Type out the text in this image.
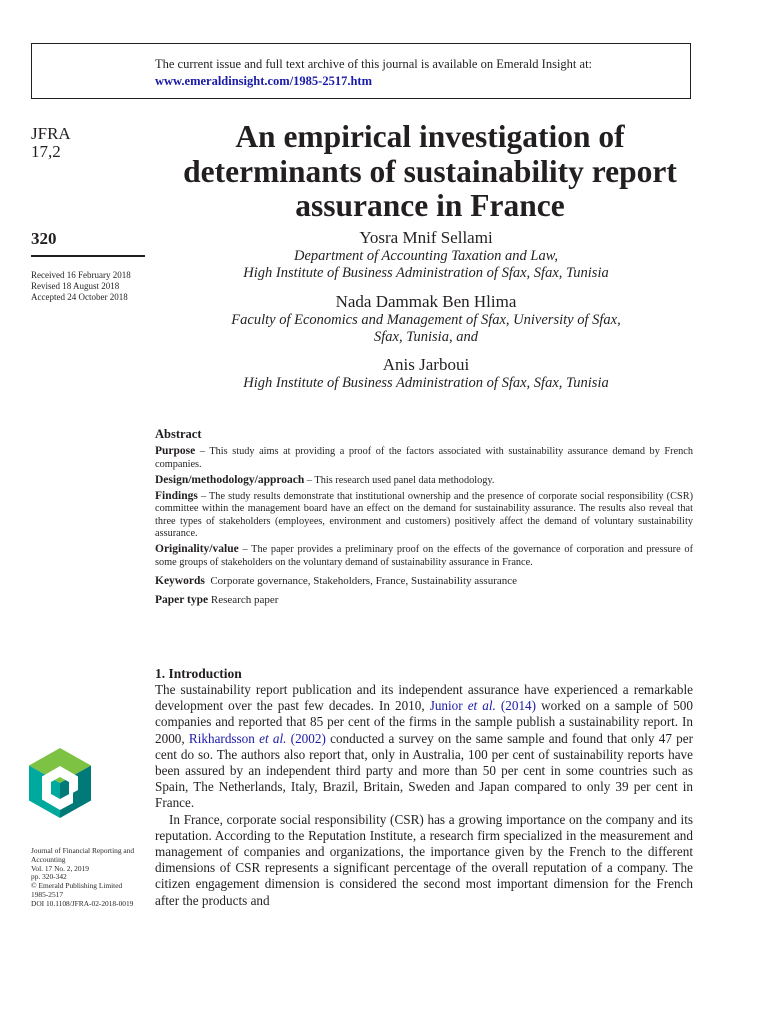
The current issue and full text archive of this journal is available on Emerald Insight at:
www.emeraldinsight.com/1985-2517.htm
JFRA
17,2
320
Received 16 February 2018
Revised 18 August 2018
Accepted 24 October 2018
An empirical investigation of determinants of sustainability report assurance in France
Yosra Mnif Sellami
Department of Accounting Taxation and Law,
High Institute of Business Administration of Sfax, Sfax, Tunisia
Nada Dammak Ben Hlima
Faculty of Economics and Management of Sfax, University of Sfax,
Sfax, Tunisia, and
Anis Jarboui
High Institute of Business Administration of Sfax, Sfax, Tunisia
Abstract

Purpose – This study aims at providing a proof of the factors associated with sustainability assurance demand by French companies.

Design/methodology/approach – This research used panel data methodology.

Findings – The study results demonstrate that institutional ownership and the presence of corporate social responsibility (CSR) committee within the management board have an effect on the demand for sustainability assurance. The results also reveal that three types of stakeholders (employees, environment and customers) positively affect the demand of voluntary sustainability assurance.

Originality/value – The paper provides a preliminary proof on the effects of the governance of corporation and pressure of some groups of stakeholders on the voluntary demand of sustainability assurance in France.

Keywords Corporate governance, Stakeholders, France, Sustainability assurance
Paper type Research paper
1. Introduction

The sustainability report publication and its independent assurance have experienced a remarkable development over the past few decades. In 2010, Junior et al. (2014) worked on a sample of 500 companies and reported that 85 per cent of the firms in the sample publish a sustainability report. In 2000, Rikhardsson et al. (2002) conducted a survey on the same sample and found that only 47 per cent do so. The authors also report that, only in Australia, 100 per cent of sustainability reports have been assured by an independent third party and more than 50 per cent in some countries such as Spain, The Netherlands, Italy, Brazil, Britain, Sweden and Japan compared to only 39 per cent in France.

In France, corporate social responsibility (CSR) has a growing importance on the company and its reputation. According to the Reputation Institute, a research firm specialized in the measurement and management of companies and organizations, the importance given by the French to the different dimensions of CSR represents a significant percentage of the overall reputation of a company. The citizen engagement dimension is considered the second most important dimension for the French after the products and

Journal of Financial Reporting and Accounting
Vol. 17 No. 2, 2019
pp. 320-342
© Emerald Publishing Limited
1985-2517
DOI 10.1108/JFRA-02-2018-0019
